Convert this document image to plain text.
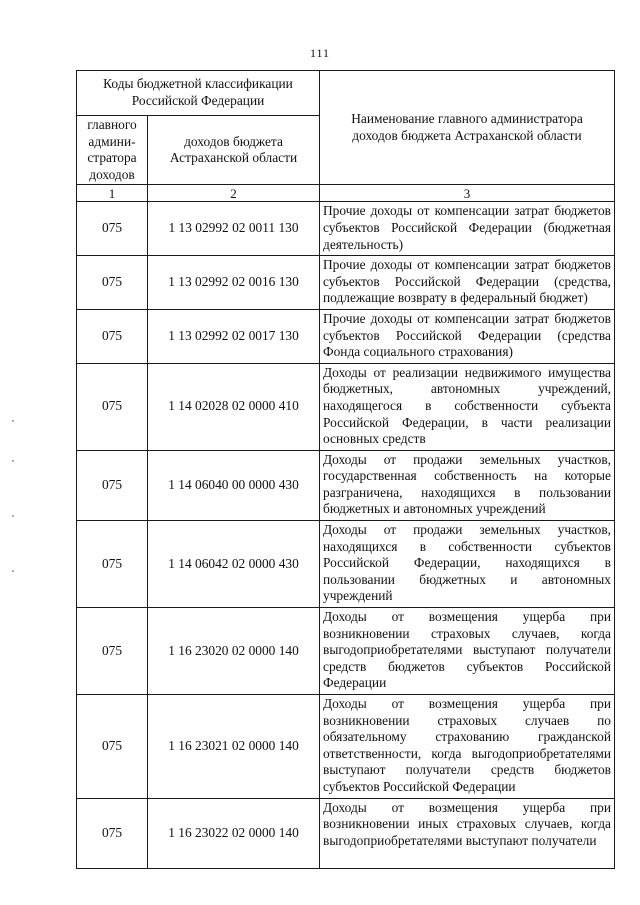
111
Коды бюджетной классификации Российской Федерации		Наименование главного администратора доходов бюджета Астраханской области
главного админи-стратора доходов	доходов бюджета Астраханской области	
1	2	3
075	1 13 02992 02 0011 130	Прочие доходы от компенсации затрат бюджетов субъектов Российской Федерации (бюджетная деятельность)
075	1 13 02992 02 0016 130	Прочие доходы от компенсации затрат бюджетов субъектов Российской Федерации (средства, подлежащие возврату в федеральный бюджет)
075	1 13 02992 02 0017 130	Прочие доходы от компенсации затрат бюджетов субъектов Российской Федерации (средства Фонда социального страхования)
075	1 14 02028 02 0000 410	Доходы от реализации недвижимого имущества бюджетных, автономных учреждений, находящегося в собственности субъекта Российской Федерации, в части реализации основных средств
075	1 14 06040 00 0000 430	Доходы от продажи земельных участков, государственная собственность на которые разграничена, находящихся в пользовании бюджетных и автономных учреждений
075	1 14 06042 02 0000 430	Доходы от продажи земельных участков, находящихся в собственности субъектов Российской Федерации, находящихся в пользовании бюджетных и автономных учреждений
075	1 16 23020 02 0000 140	Доходы от возмещения ущерба при возникновении страховых случаев, когда выгодоприобретателями выступают получатели средств бюджетов субъектов Российской Федерации
075	1 16 23021 02 0000 140	Доходы от возмещения ущерба при возникновении страховых случаев по обязательному страхованию гражданской ответственности, когда выгодоприобретателями выступают получатели средств бюджетов субъектов Российской Федерации
075	1 16 23022 02 0000 140	Доходы от возмещения ущерба при возникновении иных страховых случаев, когда выгодоприобретателями выступают получатели
